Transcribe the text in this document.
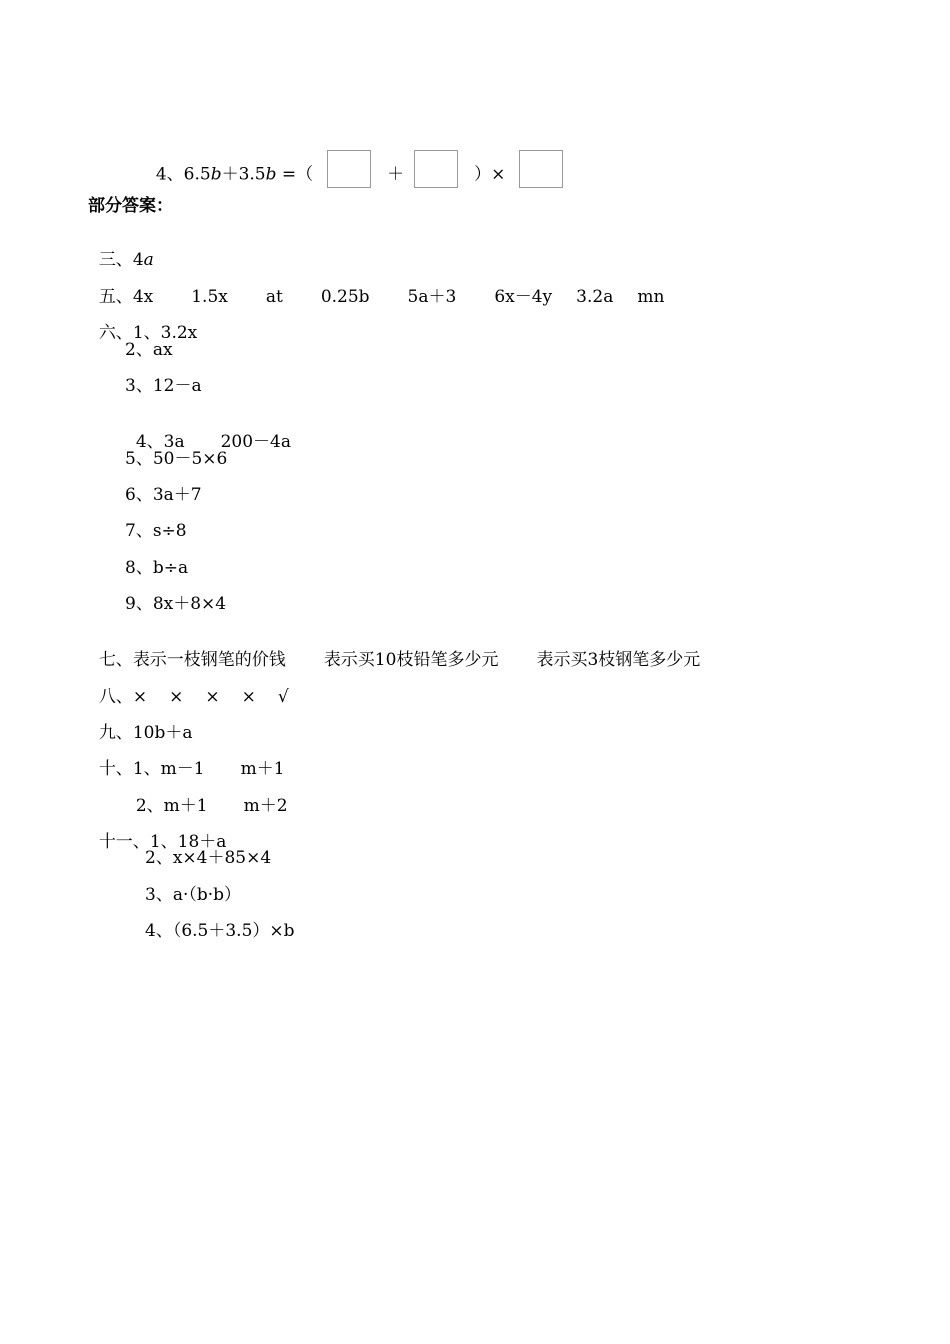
4、6.5b＋3.5b =（	＋	）×

部分答案：

三、4a

五、4x 1.5x at 0.25b 5a＋3 6x－4y 3.2a mn

六、1、3.2x

2、ax
3、12－a

4、3a 200－4a

5、50－5×6
6、3a＋7
7、s÷8
8、b÷a
9、8x＋8×4

七、表示一枝钢笔的价钱 表示买10枝铅笔多少元 表示买3枝钢笔多少元

八、× × × × √

九、10b＋a

十、1、m－1 m＋1

2、m＋1 m＋2

十一、1、18＋a

2、x×4＋85×4
3、a·（b·b）
4、（6.5＋3.5）×b
